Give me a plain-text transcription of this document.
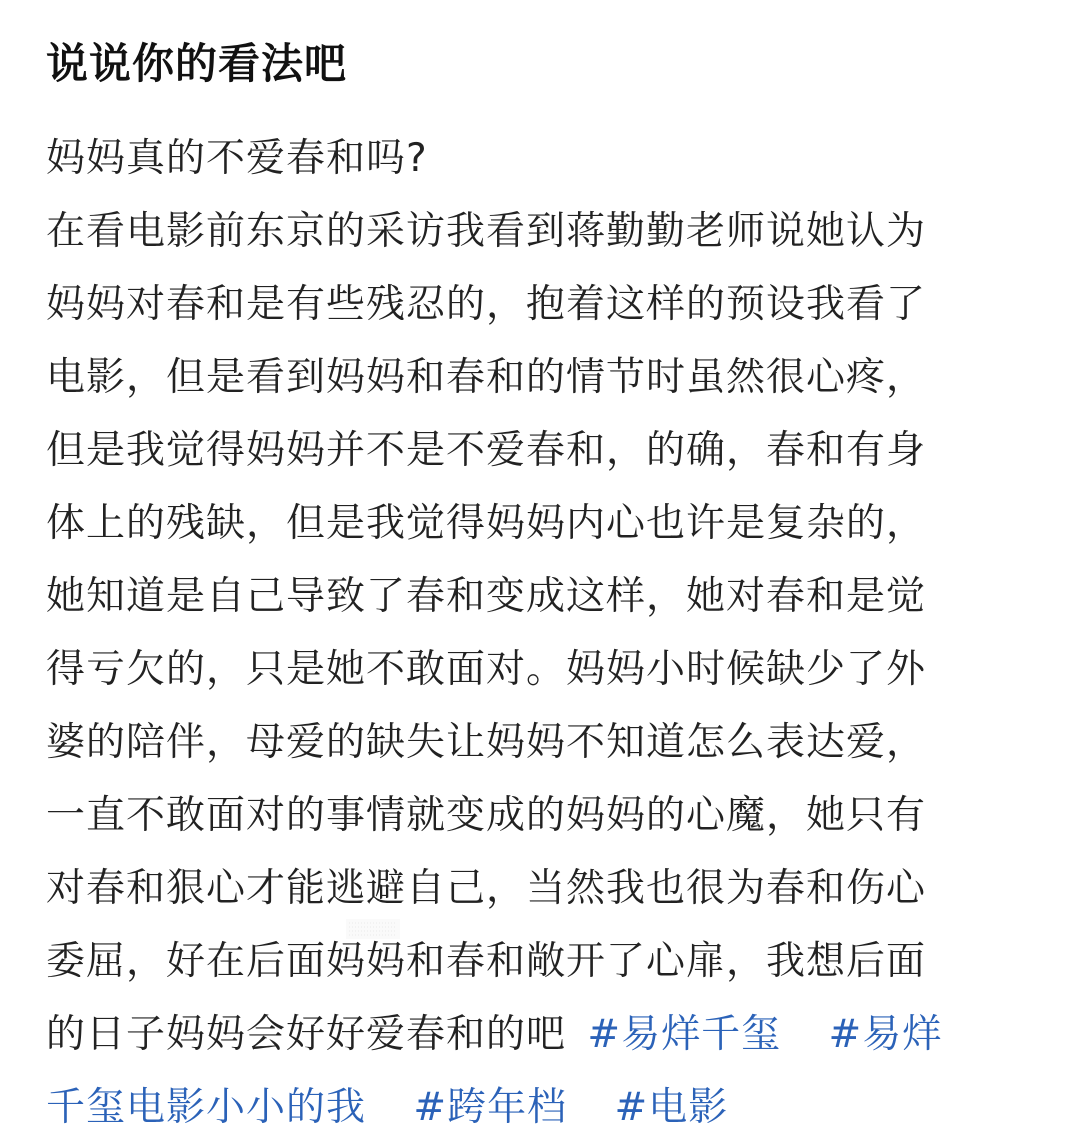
说说你的看法吧
妈妈真的不爱春和吗?
在看电影前东京的采访我看到蒋勤勤老师说她认为
妈妈对春和是有些残忍的，抱着这样的预设我看了
电影，但是看到妈妈和春和的情节时虽然很心疼，
但是我觉得妈妈并不是不爱春和，的确，春和有身
体上的残缺，但是我觉得妈妈内心也许是复杂的，
她知道是自己导致了春和变成这样，她对春和是觉
得亏欠的，只是她不敢面对。妈妈小时候缺少了外
婆的陪伴，母爱的缺失让妈妈不知道怎么表达爱，
一直不敢面对的事情就变成的妈妈的心魔，她只有
对春和狠心才能逃避自己，当然我也很为春和伤心
委屈，好在后面妈妈和春和敞开了心扉，我想后面
的日子妈妈会好好爱春和的吧 #易烊千玺 #易烊
千玺电影小小的我 #跨年档 #电影
